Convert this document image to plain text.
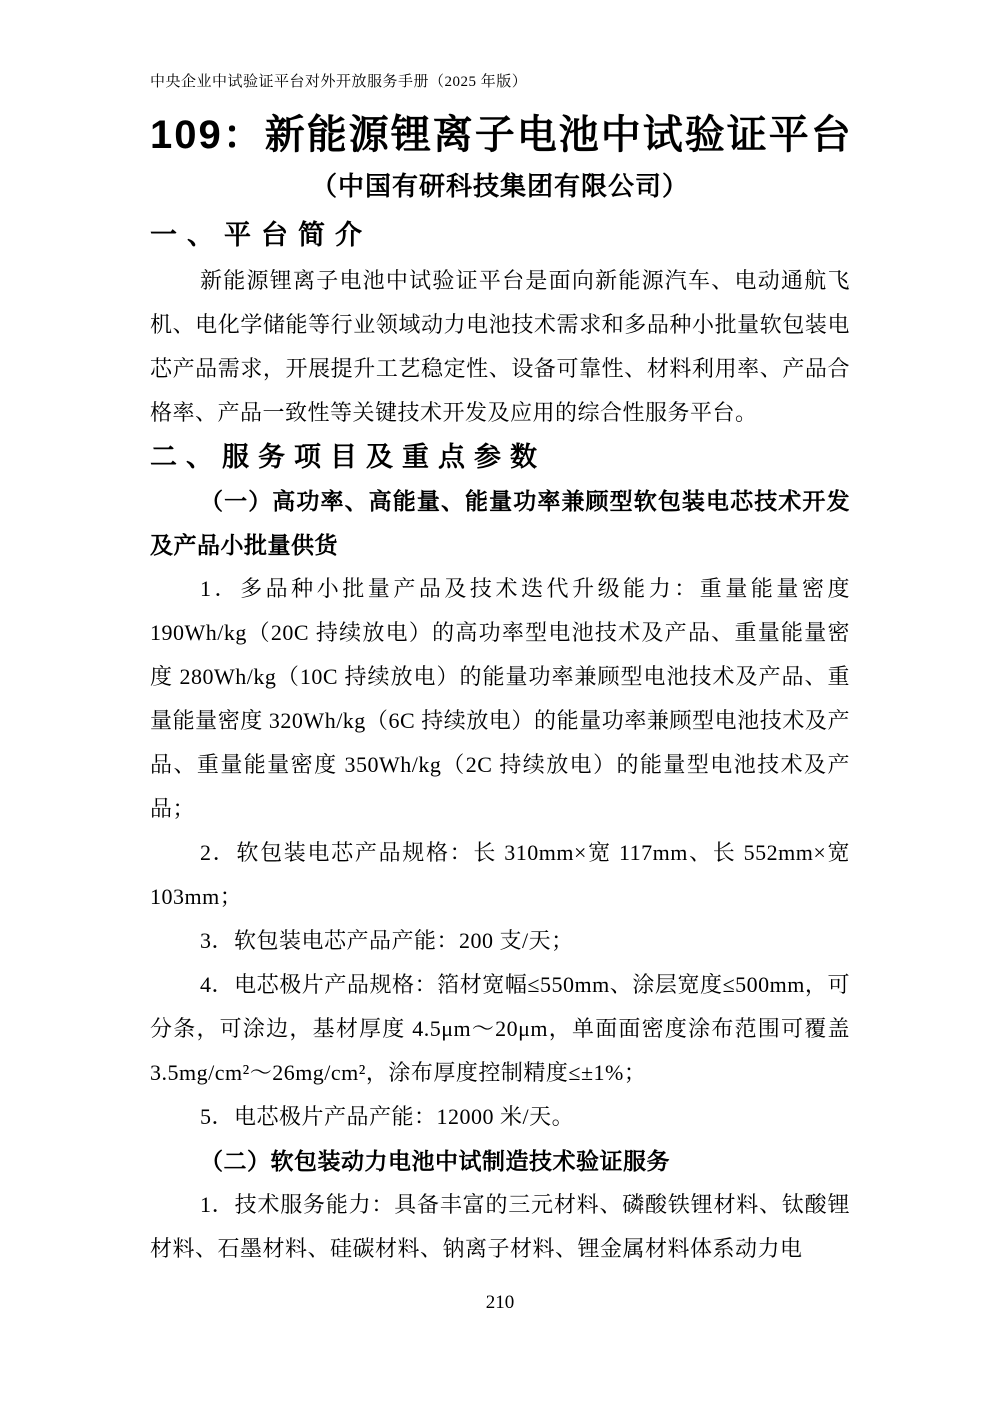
中央企业中试验证平台对外开放服务手册（2025 年版）
109：新能源锂离子电池中试验证平台
（中国有研科技集团有限公司）
一、平台简介

新能源锂离子电池中试验证平台是面向新能源汽车、电动通航飞机、电化学储能等行业领域动力电池技术需求和多品种小批量软包装电芯产品需求，开展提升工艺稳定性、设备可靠性、材料利用率、产品合格率、产品一致性等关键技术开发及应用的综合性服务平台。

二、服务项目及重点参数
（一）高功率、高能量、能量功率兼顾型软包装电芯技术开发及产品小批量供货

1．多品种小批量产品及技术迭代升级能力：重量能量密度 190Wh/kg（20C 持续放电）的高功率型电池技术及产品、重量能量密度 280Wh/kg（10C 持续放电）的能量功率兼顾型电池技术及产品、重量能量密度 320Wh/kg（6C 持续放电）的能量功率兼顾型电池技术及产品、重量能量密度 350Wh/kg（2C 持续放电）的能量型电池技术及产品；

2．软包装电芯产品规格：长 310mm×宽 117mm、长 552mm×宽 103mm；

3．软包装电芯产品产能：200 支/天；

4．电芯极片产品规格：箔材宽幅≤550mm、涂层宽度≤500mm，可分条，可涂边，基材厚度 4.5μm～20μm，单面面密度涂布范围可覆盖 3.5mg/cm²～26mg/cm²，涂布厚度控制精度≤±1%；

5．电芯极片产品产能：12000 米/天。

（二）软包装动力电池中试制造技术验证服务

1．技术服务能力：具备丰富的三元材料、磷酸铁锂材料、钛酸锂材料、石墨材料、硅碳材料、钠离子材料、锂金属材料体系动力电

210
